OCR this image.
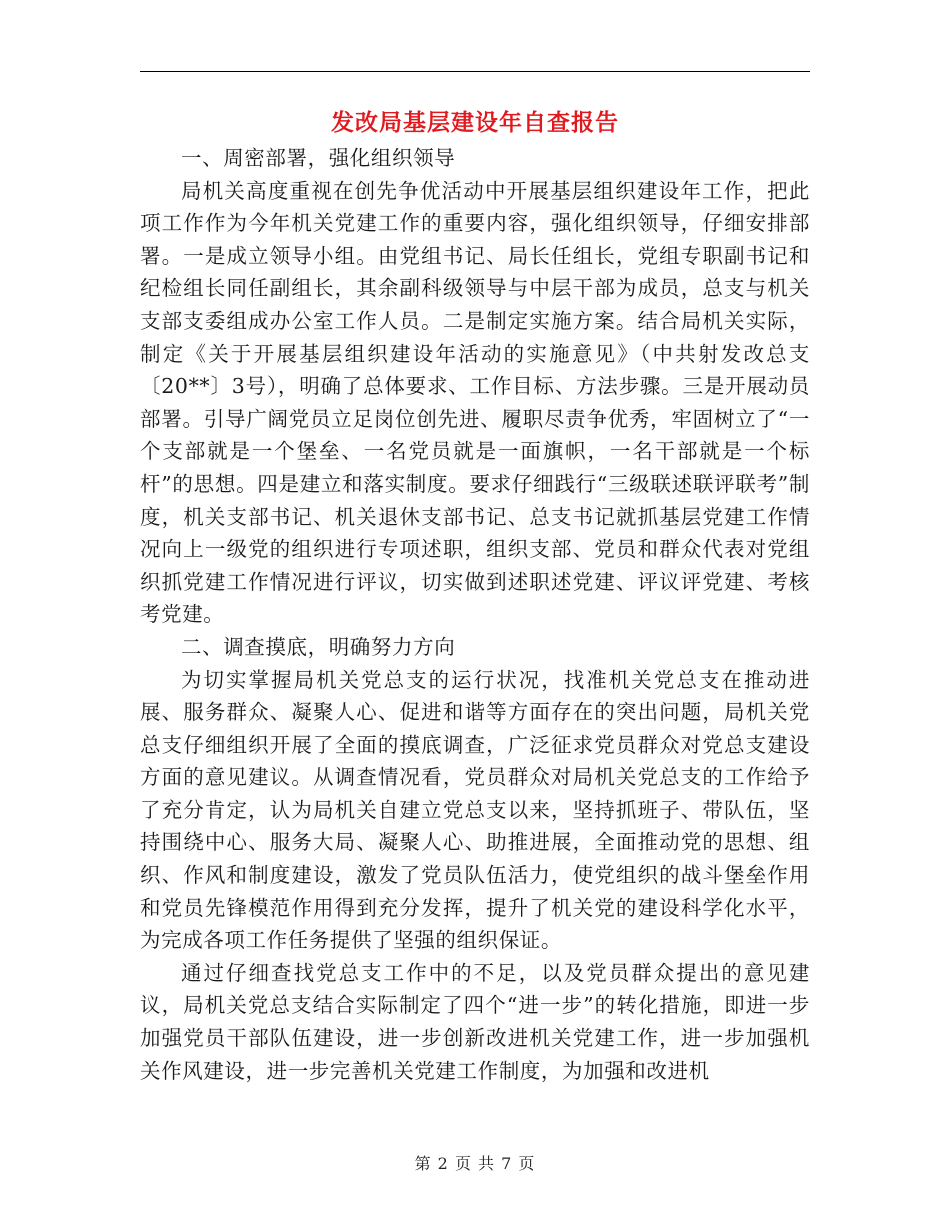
发改局基层建设年自查报告

一、周密部署，强化组织领导

局机关高度重视在创先争优活动中开展基层组织建设年工作，把此项工作作为今年机关党建工作的重要内容，强化组织领导，仔细安排部署。一是成立领导小组。由党组书记、局长任组长，党组专职副书记和纪检组长同任副组长，其余副科级领导与中层干部为成员，总支与机关支部支委组成办公室工作人员。二是制定实施方案。结合局机关实际，制定《关于开展基层组织建设年活动的实施意见》（中共射发改总支〔20**〕3号），明确了总体要求、工作目标、方法步骤。三是开展动员部署。引导广阔党员立足岗位创先进、履职尽责争优秀，牢固树立了“一个支部就是一个堡垒、一名党员就是一面旗帜，一名干部就是一个标杆”的思想。四是建立和落实制度。要求仔细践行“三级联述联评联考”制度，机关支部书记、机关退休支部书记、总支书记就抓基层党建工作情况向上一级党的组织进行专项述职，组织支部、党员和群众代表对党组织抓党建工作情况进行评议，切实做到述职述党建、评议评党建、考核考党建。

二、调查摸底，明确努力方向

为切实掌握局机关党总支的运行状况，找准机关党总支在推动进展、服务群众、凝聚人心、促进和谐等方面存在的突出问题，局机关党总支仔细组织开展了全面的摸底调查，广泛征求党员群众对党总支建设方面的意见建议。从调查情况看，党员群众对局机关党总支的工作给予了充分肯定，认为局机关自建立党总支以来，坚持抓班子、带队伍，坚持围绕中心、服务大局、凝聚人心、助推进展，全面推动党的思想、组织、作风和制度建设，激发了党员队伍活力，使党组织的战斗堡垒作用和党员先锋模范作用得到充分发挥，提升了机关党的建设科学化水平，为完成各项工作任务提供了坚强的组织保证。

通过仔细查找党总支工作中的不足，以及党员群众提出的意见建议，局机关党总支结合实际制定了四个“进一步”的转化措施，即进一步加强党员干部队伍建设，进一步创新改进机关党建工作，进一步加强机关作风建设，进一步完善机关党建工作制度，为加强和改进机

第 2 页 共 7 页
